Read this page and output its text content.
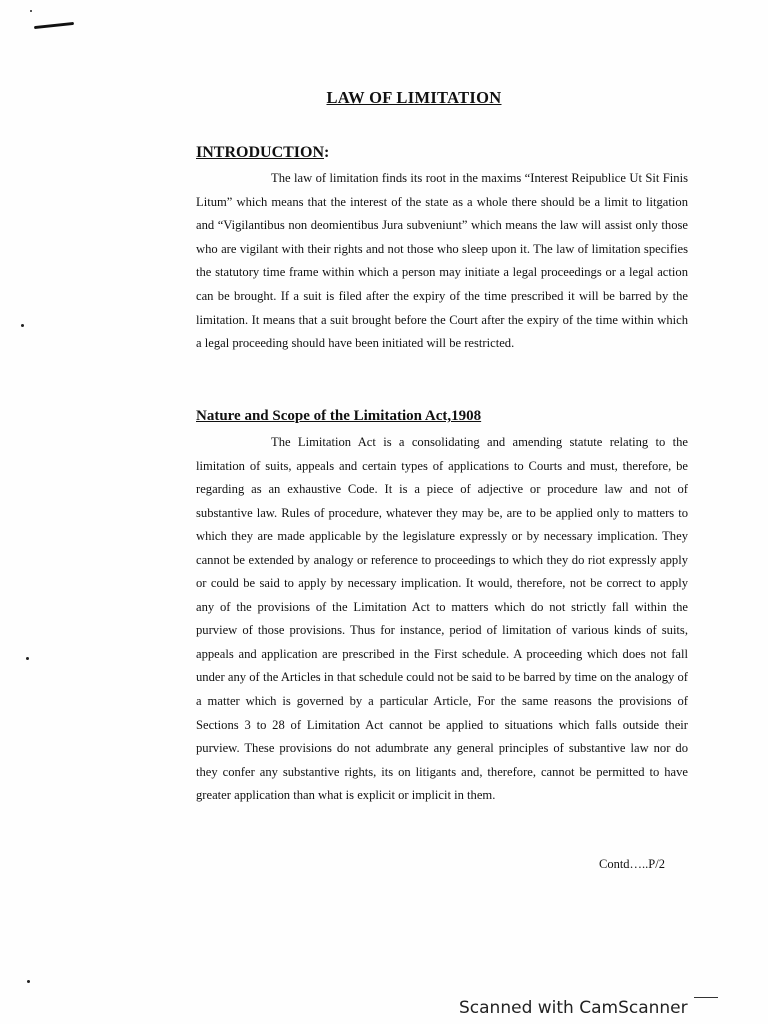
LAW OF LIMITATION
INTRODUCTION:

The law of limitation finds its root in the maxims “Interest Reipublice Ut Sit Finis Litum” which means that the interest of the state as a whole there should be a limit to litgation and “Vigilantibus non deomientibus Jura subveniunt” which means the law will assist only those who are vigilant with their rights and not those who sleep upon it. The law of limitation specifies the statutory time frame within which a person may initiate a legal proceedings or a legal action can be brought. If a suit is filed after the expiry of the time prescribed it will be barred by the limitation. It means that a suit brought before the Court after the expiry of the time within which a legal proceeding should have been initiated will be restricted.

Nature and Scope of the Limitation Act,1908

The Limitation Act is a consolidating and amending statute relating to the limitation of suits, appeals and certain types of applications to Courts and must, therefore, be regarding as an exhaustive Code. It is a piece of adjective or procedure law and not of substantive law. Rules of procedure, whatever they may be, are to be applied only to matters to which they are made applicable by the legislature expressly or by necessary implication. They cannot be extended by analogy or reference to proceedings to which they do riot expressly apply or could be said to apply by necessary implication. It would, therefore, not be correct to apply any of the provisions of the Limitation Act to matters which do not strictly fall within the purview of those provisions. Thus for instance, period of limitation of various kinds of suits, appeals and application are prescribed in the First schedule. A proceeding which does not fall under any of the Articles in that schedule could not be said to be barred by time on the analogy of a matter which is governed by a particular Article, For the same reasons the provisions of Sections 3 to 28 of Limitation Act cannot be applied to situations which falls outside their purview. These provisions do not adumbrate any general principles of substantive law nor do they confer any substantive rights, its on litigants and, therefore, cannot be permitted to have greater application than what is explicit or implicit in them.

Contd…..P/2
Scanned with CamScanner
